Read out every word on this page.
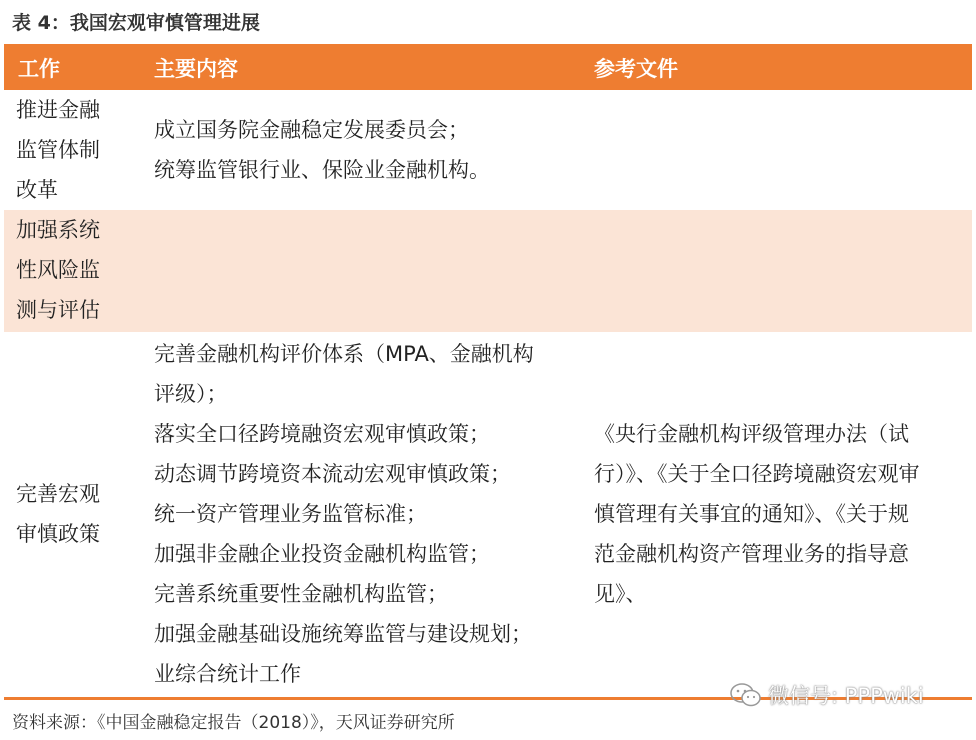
表 4：我国宏观审慎管理进展
工作	主要内容	参考文件
推进金融
监管体制
改革
成立国务院金融稳定发展委员会；
统筹监管银行业、保险业金融机构。
加强系统
性风险监
测与评估
完善宏观
审慎政策
完善金融机构评价体系（MPA、金融机构
评级）；
落实全口径跨境融资宏观审慎政策；
动态调节跨境资本流动宏观审慎政策；
统一资产管理业务监管标准；
加强非金融企业投资金融机构监管；
完善系统重要性金融机构监管；
加强金融基础设施统筹监管与建设规划；
业综合统计工作
《央行金融机构评级管理办法（试
行）》、《关于全口径跨境融资宏观审
慎管理有关事宜的通知》、《关于规
范金融机构资产管理业务的指导意
见》、
资料来源：《中国金融稳定报告（2018）》，天风证券研究所
微信号: PPPwiki
